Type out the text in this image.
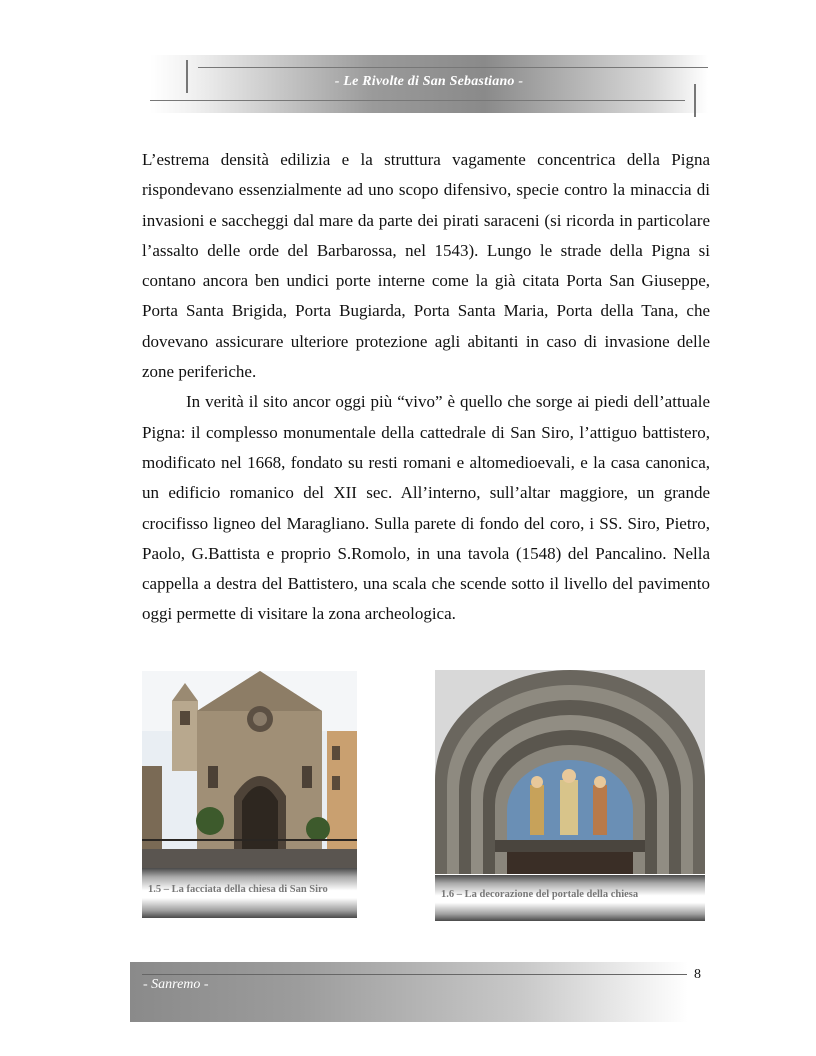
- Le Rivolte di San Sebastiano -

L’estrema densità edilizia e la struttura vagamente concentrica della Pigna rispondevano essenzialmente ad uno scopo difensivo, specie contro la minaccia di invasioni e saccheggi dal mare da parte dei pirati saraceni (si ricorda in particolare l’assalto delle orde del Barbarossa, nel 1543). Lungo le strade della Pigna si contano ancora ben undici porte interne come la già citata Porta San Giuseppe, Porta Santa Brigida, Porta Bugiarda, Porta Santa Maria, Porta della Tana, che dovevano assicurare ulteriore protezione agli abitanti in caso di invasione delle zone periferiche.

In verità il sito ancor oggi più “vivo” è quello che sorge ai piedi dell’attuale Pigna: il complesso monumentale della cattedrale di San Siro, l’attiguo battistero, modificato nel 1668, fondato su resti romani e altomedioevali, e la casa canonica, un edificio romanico del XII sec. All’interno, sull’altar maggiore, un grande crocifisso ligneo del Maragliano. Sulla parete di fondo del coro, i SS. Siro, Pietro, Paolo, G.Battista e proprio S.Romolo, in una tavola (1548) del Pancalino. Nella cappella a destra del Battistero, una scala che scende sotto il livello del pavimento oggi permette di visitare la zona archeologica.

1.5 – La facciata della chiesa di San Siro	1.6 – La decorazione del portale della chiesa
- Sanremo -
8
